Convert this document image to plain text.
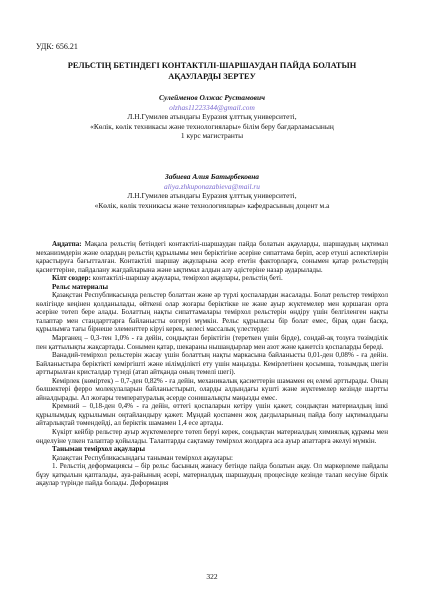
УДК: 656.21
РЕЛЬСТІҢ БЕТІНДЕГІ КОНТАКТІЛІ-ШАРШАУДАН ПАЙДА БОЛАТЫН
АҚАУЛАРДЫ ЗЕРТЕУ
Сулейменов Олжас Рустамович
olzhas11223344@gmail.com
Л.Н.Гумилев атындағы Еуразия ұлттық университеті,
«Көлік, көлік техникасы және технологиялары» білім беру бағдарламасының
1 курс магистранты
Забиева Алия Батырбековна
aliya.zhkuponazabieva@mail.ru
Л.Н.Гумилев атындағы Еуразия ұлттық университеті,
«Көлік, көлік техникасы және технологиялары» кафедрасының доцент м.а

Аңдатпа: Мақала рельстің бетіндегі контактілі-шаршаудан пайда болатын ақауларды, шаршаудың ықтимал механизмдерін және олардың рельстің құрылымы мен беріктігіне әсеріне сипаттама беріп, әсер етуші аспектілерін қарастыруға бағытталған. Контактілі шаршау ақауларына әсер ететін факторларға, сонымен қатар рельстердің қасиеттеріне, пайдалану жағдайларына және ықтимал алдын алу әдістеріне назар аударылады.

Кілт сөздер: контактілі-шаршау ақаулары, темірхол ақаулары, рельстің беті.

Рельс материалы

Қазақстан Республикасында рельстер болаттан және әр түрлі қоспалардан жасалады. Болат рельстер темірхол көлігінде кеңінен қолданылады, өйткені олар жоғары беріктікке не және ауыр жүктемелер мен қоршаған орта әсеріне төтеп бере алады. Болаттың нақты сипаттамалары темірхол рельстерін өндіру үшін белгіленген нақты талаптар мен стандарттарға байланысты өзгеруі мүмкін. Рельс құрылысы бір болат емес, бірақ одан басқа, құрылымға тағы бірнеше элементтер кіруі керек, келесі массалық үлестерде:

Марганец – 0,3-тен 1,0% - ға дейін, соңдықтан беріктігін (тереткен үшін бірде), сондай-ақ тозуға төзімділік пен қаттылықты жақсартады. Сонымен қатар, шекараны нышандырлар мен азот және қажетсіз қоспаларды береді.

Ванадий-темірхол рельстерін жасау үшін болаттың нақты маркасына байланысты 0,01-ден 0,08% - ға дейін. Байланыстыра беріктікті кеміргішті және иілімділікті ету үшін маңызды. Кемірлетінен қосымша, тозымдық шегін арттырылған кристалдар түзеді (атап айтқанда оның темелі шегі).

Кемірлек (көміртек) – 0,7-ден 0,82% - ға дейін, механикалық қасиеттерін шамамен ең елемі арттырады. Оның бөлшектері ферро молекулаларын байланыстырып, оларды алдындағы күшті және жүктемелер кезінде шартты айналдырады. Ал жоғары температуралық әсерде сонишалықты маңызды емес.

Кремний – 0,18-ден 0,4% - ға дейін, өттегі қоспаларын кетіру үшін қажет, сондықтан материалдың ішкі құрылымдық құрылымын оңтайландыру қажет. Мұндай қоспамен жоқ дағдыларының пайда болу ықтималдығы айтарлықтай төмендейді, ал беріктік шамамен 1,4 есе артады.

Күкірт кейбір рельстер ауыр жүктемелерге төтеп беруі керек, сондықтан материалдың химиялық құрамы мен өңделуіне үлкен талаптар қойылады. Талаптарды сақтамау темірхол жолдарға аса ауыр апаттарға әкелуі мүмкін.

Таныман темірхол ақаулары

Қазақстан Республикасындағы таныман темірхол ақаулары:

1. Рельстің деформациясы – бір рельс басының жанасу бетінде пайда болатын ақау. Ол маркерлеме пайдалы бұзу қатқылын қапталады, ауа-райының әсері, материалдық шаршаудың процесінде кезінде талап кесуіне бірлік ақаулар түрінде пайда болады. Деформация

322
